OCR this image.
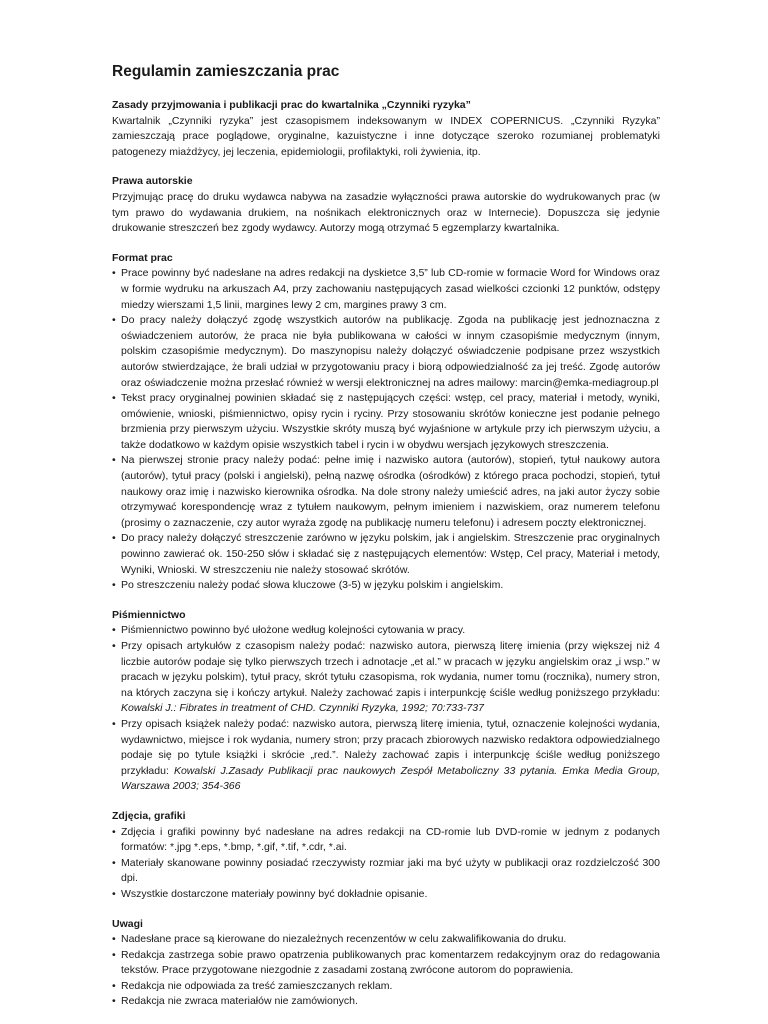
Regulamin zamieszczania prac
Zasady przyjmowania i publikacji prac do kwartalnika „Czynniki ryzyka”

Kwartalnik „Czynniki ryzyka” jest czasopismem indeksowanym w INDEX COPERNICUS. „Czynniki Ryzyka” zamieszczają prace poglądowe, oryginalne, kazuistyczne i inne dotyczące szeroko rozumianej problematyki patogenezy miażdżycy, jej leczenia, epidemiologii, profilaktyki, roli żywienia, itp.

Prawa autorskie

Przyjmując pracę do druku wydawca nabywa na zasadzie wyłączności prawa autorskie do wydrukowanych prac (w tym prawo do wydawania drukiem, na nośnikach elektronicznych oraz w Internecie). Dopuszcza się jedynie drukowanie streszczeń bez zgody wydawcy. Autorzy mogą otrzymać 5 egzemplarzy kwartalnika.

Format prac
• Prace powinny być nadesłane na adres redakcji na dyskietce 3,5” lub CD-romie w formacie Word for Windows oraz w formie wydruku na arkuszach A4, przy zachowaniu następujących zasad wielkości czcionki 12 punktów, odstępy miedzy wierszami 1,5 linii, margines lewy 2 cm, margines prawy 3 cm.
• Do pracy należy dołączyć zgodę wszystkich autorów na publikację. Zgoda na publikację jest jednoznaczna z oświadczeniem autorów, że praca nie była publikowana w całości w innym czasopiśmie medycznym (innym, polskim czasopiśmie medycznym). Do maszynopisu należy dołączyć oświadczenie podpisane przez wszystkich autorów stwierdzające, że brali udział w przygotowaniu pracy i biorą odpowiedzialność za jej treść. Zgodę autorów oraz oświadczenie można przesłać również w wersji elektronicznej na adres mailowy: marcin@emka-mediagroup.pl
• Tekst pracy oryginalnej powinien składać się z następujących części: wstęp, cel pracy, materiał i metody, wyniki, omówienie, wnioski, piśmiennictwo, opisy rycin i ryciny. Przy stosowaniu skrótów konieczne jest podanie pełnego brzmienia przy pierwszym użyciu. Wszystkie skróty muszą być wyjaśnione w artykule przy ich pierwszym użyciu, a także dodatkowo w każdym opisie wszystkich tabel i rycin i w obydwu wersjach językowych streszczenia.
• Na pierwszej stronie pracy należy podać: pełne imię i nazwisko autora (autorów), stopień, tytuł naukowy autora (autorów), tytuł pracy (polski i angielski), pełną nazwę ośrodka (ośrodków) z którego praca pochodzi, stopień, tytuł naukowy oraz imię i nazwisko kierownika ośrodka. Na dole strony należy umieścić adres, na jaki autor życzy sobie otrzymywać korespondencję wraz z tytułem naukowym, pełnym imieniem i nazwiskiem, oraz numerem telefonu (prosimy o zaznaczenie, czy autor wyraża zgodę na publikację numeru telefonu) i adresem poczty elektronicznej.
• Do pracy należy dołączyć streszczenie zarówno w języku polskim, jak i angielskim. Streszczenie prac oryginalnych powinno zawierać ok. 150-250 słów i składać się z następujących elementów: Wstęp, Cel pracy, Materiał i metody, Wyniki, Wnioski. W streszczeniu nie należy stosować skrótów.
• Po streszczeniu należy podać słowa kluczowe (3-5) w języku polskim i angielskim.
Piśmiennictwo
• Piśmiennictwo powinno być ułożone według kolejności cytowania w pracy.
• Przy opisach artykułów z czasopism należy podać: nazwisko autora, pierwszą literę imienia (przy większej niż 4 liczbie autorów podaje się tylko pierwszych trzech i adnotacje „et al.” w pracach w języku angielskim oraz „i wsp.” w pracach w języku polskim), tytuł pracy, skrót tytułu czasopisma, rok wydania, numer tomu (rocznika), numery stron, na których zaczyna się i kończy artykuł. Należy zachować zapis i interpunkcję ściśle według poniższego przykładu: Kowalski J.: Fibrates in treatment of CHD. Czynniki Ryzyka, 1992; 70:733-737
• Przy opisach książek należy podać: nazwisko autora, pierwszą literę imienia, tytuł, oznaczenie kolejności wydania, wydawnictwo, miejsce i rok wydania, numery stron; przy pracach zbiorowych nazwisko redaktora odpowiedzialnego podaje się po tytule książki i skrócie „red.”. Należy zachować zapis i interpunkcję ściśle według poniższego przykładu: Kowalski J.Zasady Publikacji prac naukowych Zespół Metaboliczny 33 pytania. Emka Media Group, Warszawa 2003; 354-366
Zdjęcia, grafiki
• Zdjęcia i grafiki powinny być nadesłane na adres redakcji na CD-romie lub DVD-romie w jednym z podanych formatów: *.jpg *.eps, *.bmp, *.gif, *.tif, *.cdr, *.ai.
• Materiały skanowane powinny posiadać rzeczywisty rozmiar jaki ma być użyty w publikacji oraz rozdzielczość 300 dpi.
• Wszystkie dostarczone materiały powinny być dokładnie opisanie.
Uwagi
• Nadesłane prace są kierowane do niezależnych recenzentów w celu zakwalifikowania do druku.
• Redakcja zastrzega sobie prawo opatrzenia publikowanych prac komentarzem redakcyjnym oraz do redagowania tekstów. Prace przygotowane niezgodnie z zasadami zostaną zwrócone autorom do poprawienia.
• Redakcja nie odpowiada za treść zamieszczanych reklam.
• Redakcja nie zwraca materiałów nie zamówionych.
